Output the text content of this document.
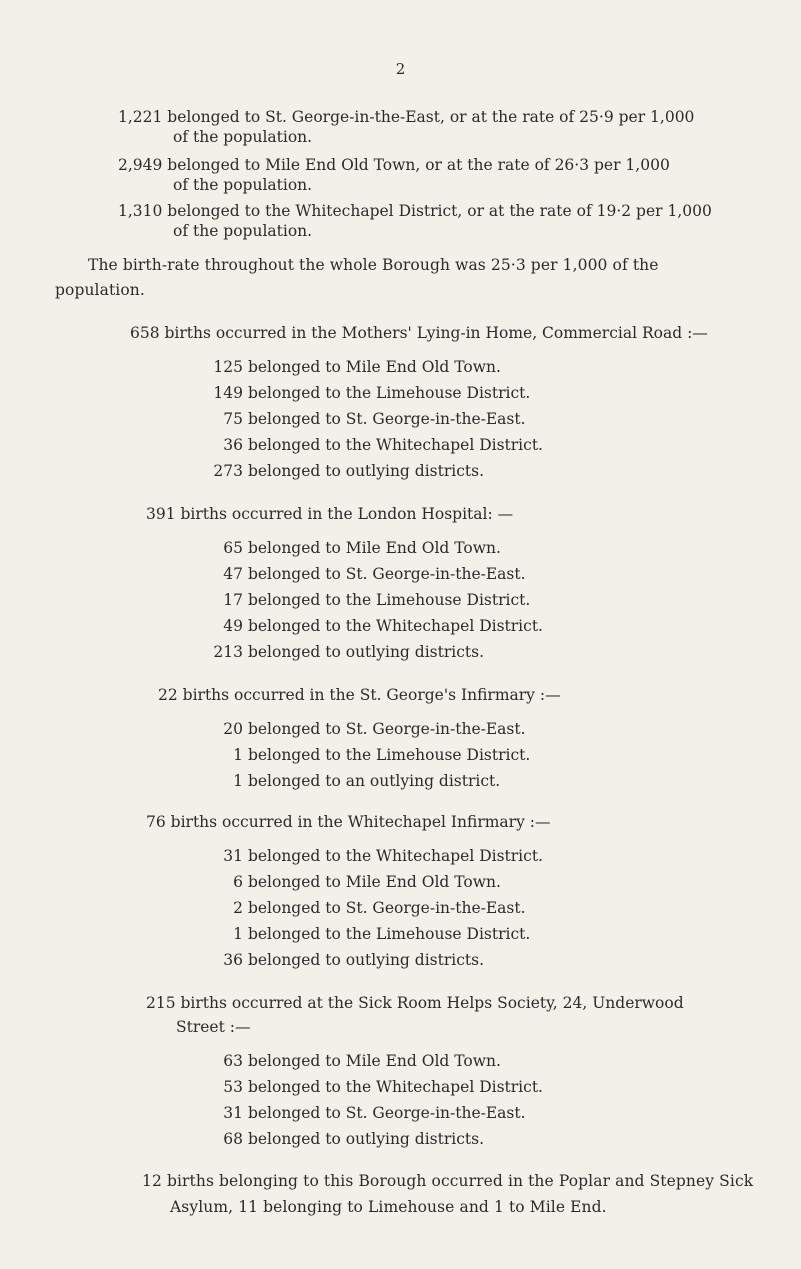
2
1,221 belonged to St. George-in-the-East, or at the rate of 25·9 per 1,000
of the population.
2,949 belonged to Mile End Old Town, or at the rate of 26·3 per 1,000
of the population.
1,310 belonged to the Whitechapel District, or at the rate of 19·2 per 1,000
of the population.
The birth-rate throughout the whole Borough was 25·3 per 1,000 of the
population.
658 births occurred in the Mothers' Lying-in Home, Commercial Road :—
125 belonged to Mile End Old Town.
149 belonged to the Limehouse District.
75 belonged to St. George-in-the-East.
36 belonged to the Whitechapel District.
273 belonged to outlying districts.
391 births occurred in the London Hospital: —
65 belonged to Mile End Old Town.
47 belonged to St. George-in-the-East.
17 belonged to the Limehouse District.
49 belonged to the Whitechapel District.
213 belonged to outlying districts.
22 births occurred in the St. George's Infirmary :—
20 belonged to St. George-in-the-East.
1 belonged to the Limehouse District.
1 belonged to an outlying district.
76 births occurred in the Whitechapel Infirmary :—
31 belonged to the Whitechapel District.
6 belonged to Mile End Old Town.
2 belonged to St. George-in-the-East.
1 belonged to the Limehouse District.
36 belonged to outlying districts.
215 births occurred at the Sick Room Helps Society, 24, Underwood
Street :—
63 belonged to Mile End Old Town.
53 belonged to the Whitechapel District.
31 belonged to St. George-in-the-East.
68 belonged to outlying districts.
12 births belonging to this Borough occurred in the Poplar and Stepney Sick
Asylum, 11 belonging to Limehouse and 1 to Mile End.
